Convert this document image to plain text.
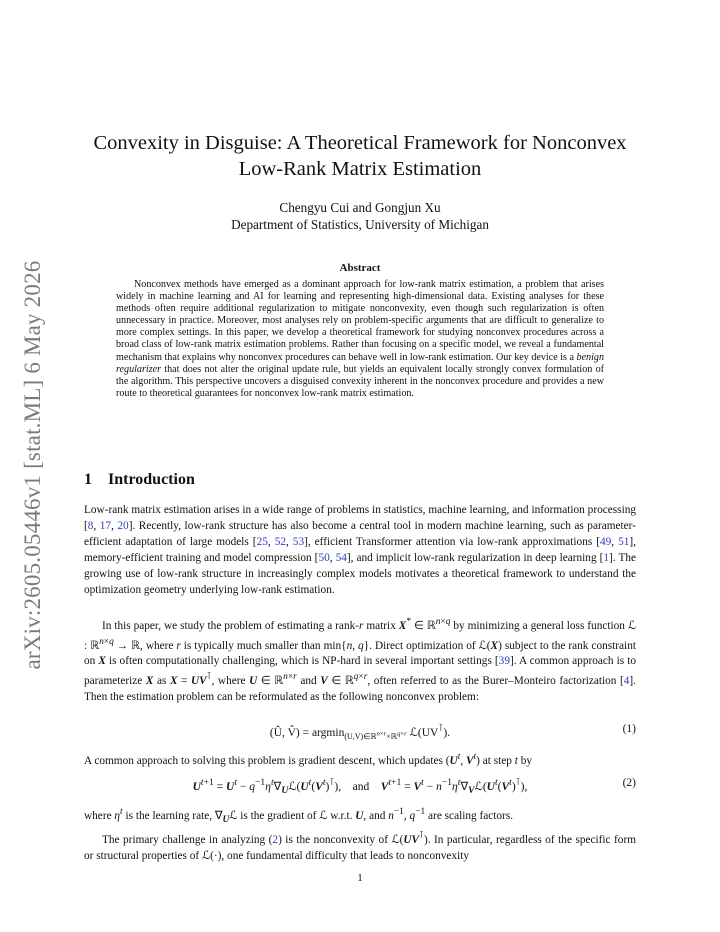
arXiv:2605.05446v1 [stat.ML] 6 May 2026
Convexity in Disguise: A Theoretical Framework for Nonconvex
Low-Rank Matrix Estimation
Chengyu Cui and Gongjun Xu
Department of Statistics, University of Michigan
Abstract
Nonconvex methods have emerged as a dominant approach for low-rank matrix estimation, a problem that arises widely in machine learning and AI for learning and representing high-dimensional data. Existing analyses for these methods often require additional regularization to mitigate nonconvexity, even though such regularization is often unnecessary in practice. Moreover, most analyses rely on problem-specific arguments that are difficult to generalize to more complex settings. In this paper, we develop a theoretical framework for studying nonconvex procedures across a broad class of low-rank matrix estimation problems. Rather than focusing on a specific model, we reveal a fundamental mechanism that explains why nonconvex procedures can behave well in low-rank estimation. Our key device is a benign regularizer that does not alter the original update rule, but yields an equivalent locally strongly convex formulation of the algorithm. This perspective uncovers a disguised convexity inherent in the nonconvex procedure and provides a new route to theoretical guarantees for nonconvex low-rank matrix estimation.
1 Introduction
Low-rank matrix estimation arises in a wide range of problems in statistics, machine learning, and information processing [8, 17, 20]. Recently, low-rank structure has also become a central tool in modern machine learning, such as parameter-efficient adaptation of large models [25, 52, 53], efficient Transformer attention via low-rank approximations [49, 51], memory-efficient training and model compression [50, 54], and implicit low-rank regularization in deep learning [1]. The growing use of low-rank structure in increasingly complex models motivates a theoretical framework to understand the optimization geometry underlying low-rank estimation.
In this paper, we study the problem of estimating a rank-r matrix X* ∈ ℝ$^{n\times q}$ by minimizing a general loss function ℒ : ℝ$^{n\times q}$ → ℝ, where r is typically much smaller than min{n, q}. Direct optimization of ℒ(X) subject to the rank constraint on X is often computationally challenging, which is NP-hard in several important settings [39]. A common approach is to parameterize X as X = UV⊺, where U ∈ ℝ$^{n\times r}$ and V ∈ ℝ$^{q\times r}$, often referred to as the Burer–Monteiro factorization [4]. Then the estimation problem can be reformulated as the following nonconvex problem:
(Û, V̂) = argmin$_{(U,V)\in ℝ^{n\times r}\times ℝ^{q\times r}}$ ℒ(UV⊺).	(1)
A common approach to solving this problem is gradient descent, which updates ($U^t$, $V^t$) at step t by
$U^{t+1} = U^t$ − $q^{-1}\eta^t\nabla_Uℒ(U^t(V^t)^⊺)$,    and $V^{t+1} = V^t$ − $n^{-1}\eta^t\nabla_Vℒ(U^t(V^t)^⊺)$,	(2)
where $\eta^t$ is the learning rate, $\nabla_Uℒ$ is the gradient of ℒ w.r.t. U, and $n^{-1}$, $q^{-1}$ are scaling factors.
The primary challenge in analyzing (2) is the nonconvexity of ℒ(UV⊺). In particular, regardless of the specific form or structural properties of ℒ(·), one fundamental difficulty that leads to nonconvexity
1
